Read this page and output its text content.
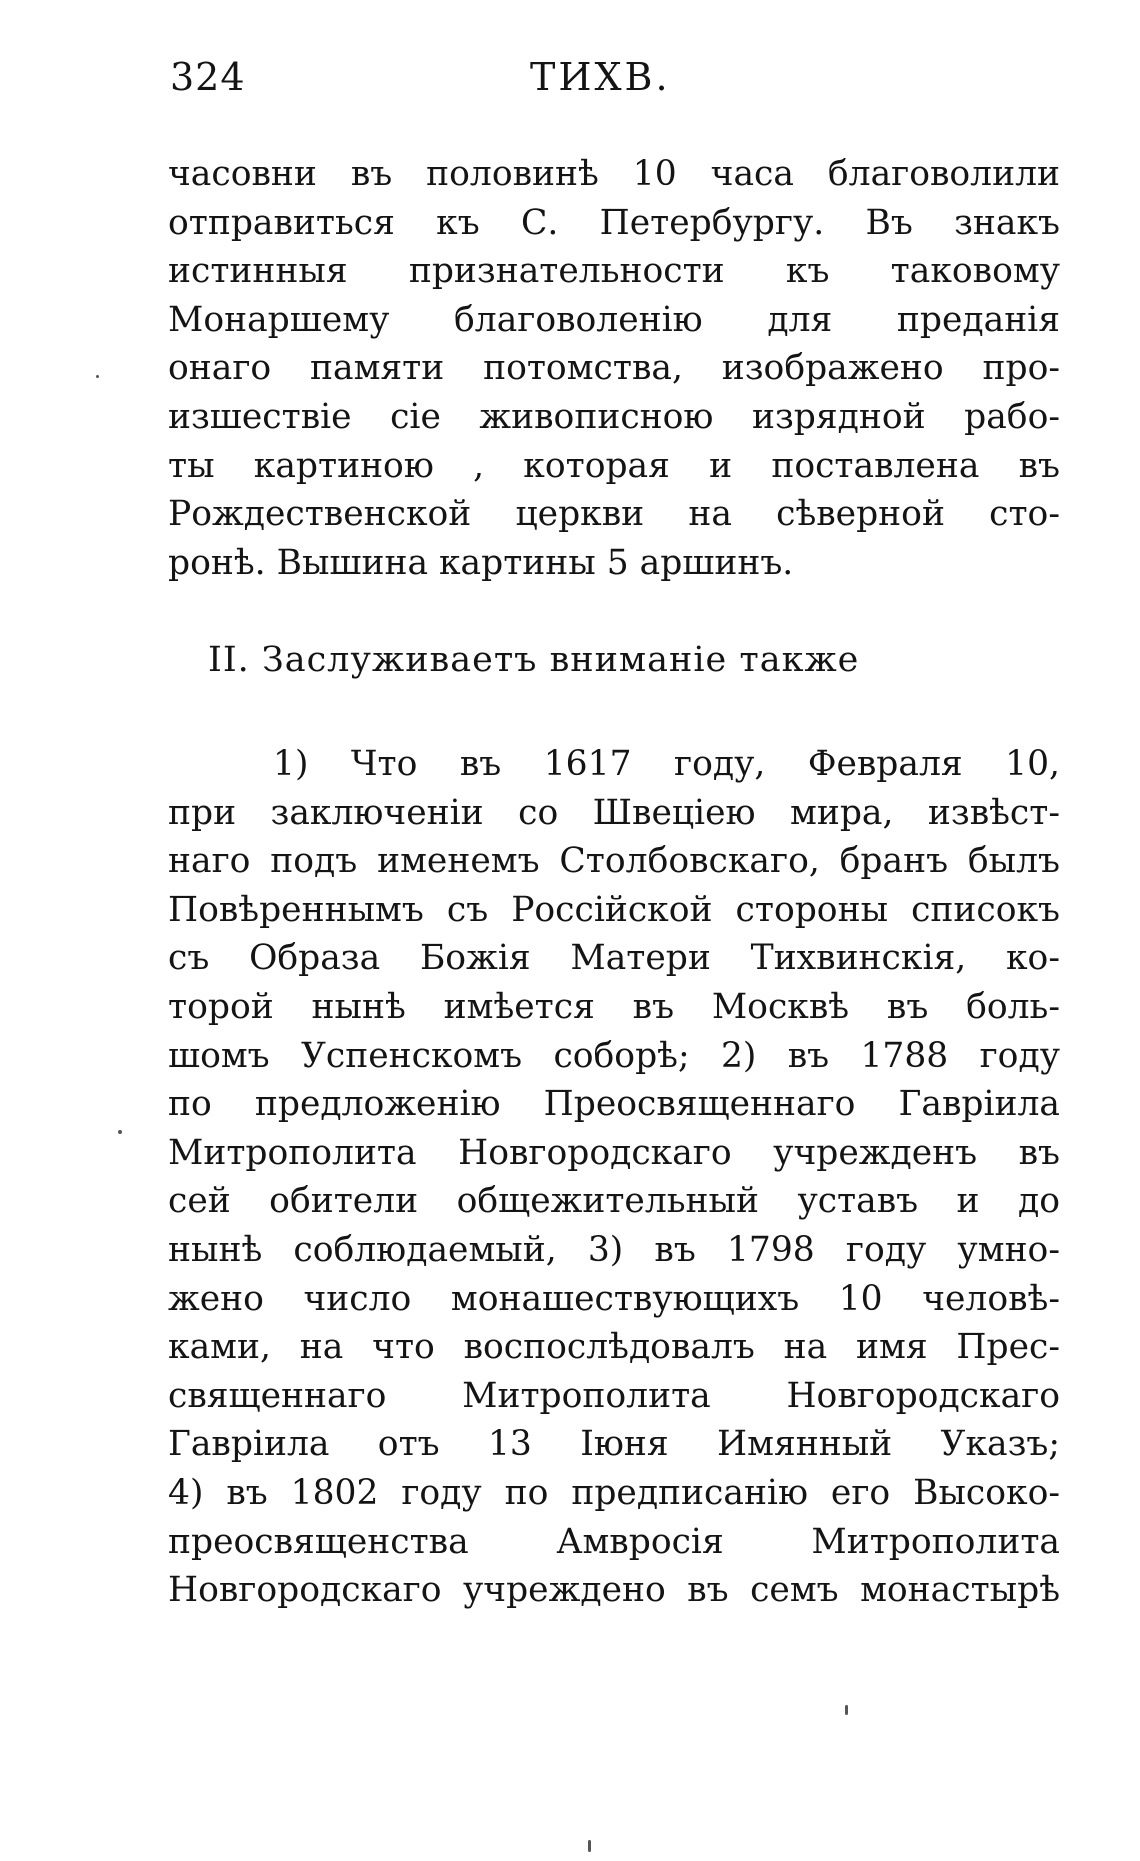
324	ТИХВ.
часовни въ половинѣ 10 часа благоволили
отправиться къ С. Петербургу. Въ знакъ
истинныя признательности къ таковому
Монаршему благоволенію для преданія
онаго памяти потомства, изображено про-
изшествіе сіе живописною изрядной рабо-
ты картиною , которая и поставлена въ
Рождественской церкви на сѣверной сто-
ронѣ. Вышина картины 5 аршинъ.
II. Заслуживаетъ вниманіе также
1) Что въ 1617 году, Февраля 10,
при заключеніи со Швеціею мира, извѣст-
наго подъ именемъ Столбовскаго, бранъ былъ
Повѣреннымъ съ Россійской стороны списокъ
съ Образа Божія Матери Тихвинскія, ко-
торой нынѣ имѣется въ Москвѣ въ боль-
шомъ Успенскомъ соборѣ; 2) въ 1788 году
по предложенію Преосвященнаго Гавріила
Митрополита Новгородскаго учрежденъ въ
сей обители общежительный уставъ и до
нынѣ соблюдаемый, 3) въ 1798 году умно-
жено число монашествующихъ 10 человѣ-
ками, на что воспослѣдовалъ на имя Прес-
священнаго Митрополита Новгородскаго
Гавріила отъ 13 Іюня Имянный Указъ;
4) въ 1802 году по предписанію его Высоко-
преосвященства Амвросія Митрополита
Новгородскаго учреждено въ семъ монастырѣ
